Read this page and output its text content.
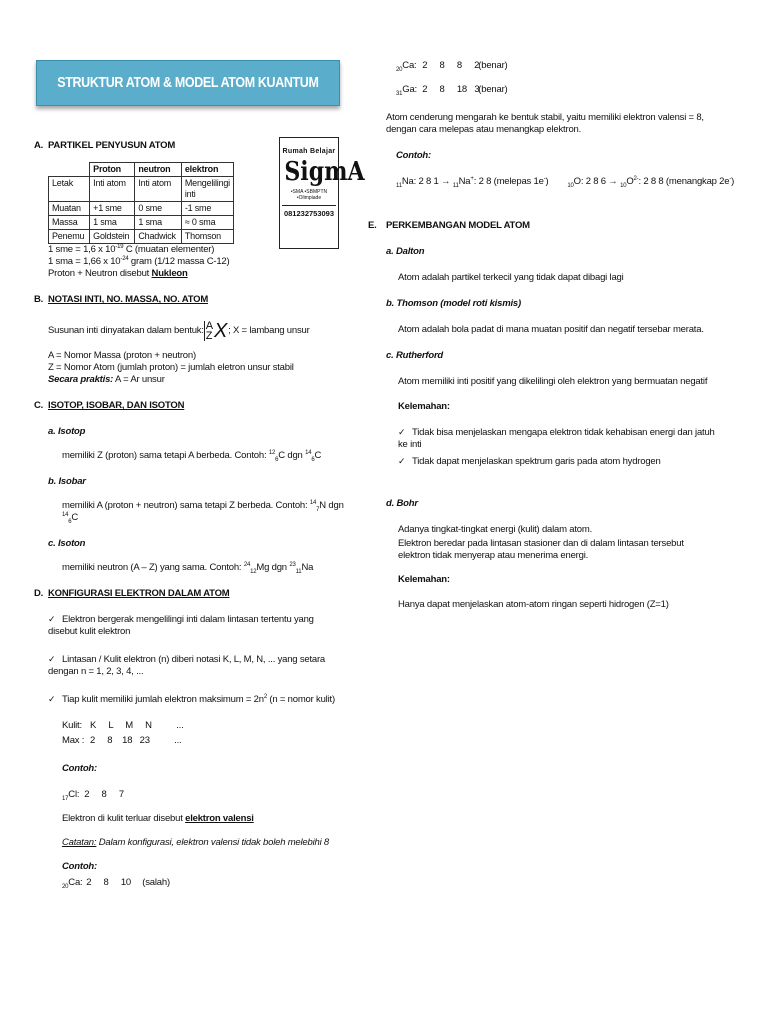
STRUKTUR ATOM & MODEL ATOM KUANTUM
Rumah Belajar
SigmA
•SMA •SBMPTN •Olimpiade
081232753093
A. PARTIKEL PENYUSUN ATOM
	Proton	neutron	elektron
Letak	Inti atom	Inti atom	Mengelilingi inti
Muatan	+1 sme	0 sme	-1 sme
Massa	1 sma	1 sma	≈ 0 sma
Penemu	Goldstein	Chadwick	Thomson
1 sme = 1,6 x $10^{-19}$ C (muatan elementer)
1 sma = 1,66 x $10^{-24}$ gram (1/12 massa C-12)
Proton + Neutron disebut Nukleon
B. NOTASI INTI, NO. MASSA, NO. ATOM
Susunan inti dinyatakan dalam bentuk: A
Z X ; X = lambang unsur
A = Nomor Massa (proton + neutron)
Z = Nomor Atom (jumlah proton) = jumlah eletron unsur stabil
Secara praktis: A = Ar unsur
C. ISOTOP, ISOBAR, DAN ISOTON
a. Isotop
memiliki Z (proton) sama tetapi A berbeda. Contoh: $^{12}_6$C dgn $^{14}_6$C
b. Isobar
memiliki A (proton + neutron) sama tetapi Z berbeda. Contoh: $^{14}_7$N dgn $^{14}_6$C
c. Isoton
memiliki neutron (A – Z) yang sama. Contoh: $^{24}_{12}$Mg dgn $^{23}_{11}$Na
D. KONFIGURASI ELEKTRON DALAM ATOM
✓ Elektron bergerak mengelilingi inti dalam lintasan tertentu yang disebut kulit elektron
✓ Lintasan / Kulit elektron (n) diberi notasi K, L, M, N, ... yang setara dengan n = 1, 2, 3, 4, ...
✓ Tiap kulit memiliki jumlah elektron maksimum = $2n^2$ (n = nomor kulit)
Kulit: K     L     M     N          ...
Max : 2     8    18   23          ...
Contoh:
$_{17}$Cl: 2     8     7
Elektron di kulit terluar disebut elektron valensi
Catatan: Dalam konfigurasi, elektron valensi tidak boleh melebihi 8
Contoh:
$_{20}$Ca: 2     8     10 (salah)
$_{20}$Ca: 2     8     8     2(benar)
$_{31}$Ga: 2     8     18   3(benar)
Atom cenderung mengarah ke bentuk stabil, yaitu memiliki elektron valensi = 8, dengan cara melepas atau menangkap elektron.
Contoh:
$_{11}$Na: 2 8 1 → $_{11}$Na+: 2 8 (melepas 1e-)	$_{10}$O: 2 8 $6 \to _{10}O^{2-}$: 2 8 8 (menangkap 2e-)
E. PERKEMBANGAN MODEL ATOM
a. Dalton
Atom adalah partikel terkecil yang tidak dapat dibagi lagi
b. Thomson (model roti kismis)
Atom adalah bola padat di mana muatan positif dan negatif tersebar merata.
c. Rutherford
Atom memiliki inti positif yang dikelilingi oleh elektron yang bermuatan negatif
Kelemahan:
✓ Tidak bisa menjelaskan mengapa elektron tidak kehabisan energi dan jatuh ke inti
✓ Tidak dapat menjelaskan spektrum garis pada atom hydrogen
d. Bohr
Adanya tingkat-tingkat energi (kulit) dalam atom.
Elektron beredar pada lintasan stasioner dan di dalam lintasan tersebut elektron tidak menyerap atau menerima energi.
Kelemahan:
Hanya dapat menjelaskan atom-atom ringan seperti hidrogen (Z=1)
